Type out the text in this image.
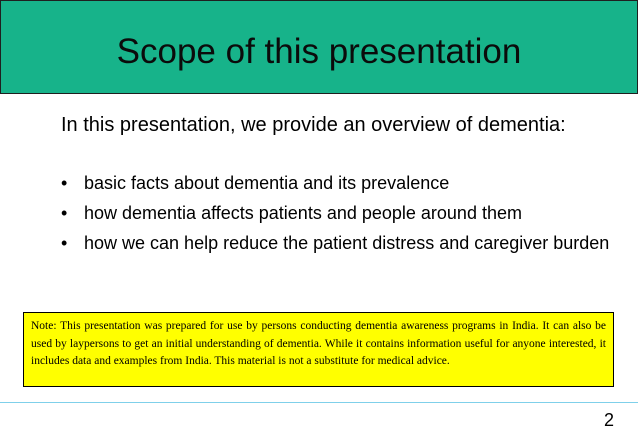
Scope of this presentation

In this presentation, we provide an overview of dementia:

• basic facts about dementia and its prevalence
• how dementia affects patients and people around them
• how we can help reduce the patient distress and caregiver burden

Note: This presentation was prepared for use by persons conducting dementia awareness programs in India. It can also be used by laypersons to get an initial understanding of dementia. While it contains information useful for anyone interested, it includes data and examples from India. This material is not a substitute for medical advice.

2
